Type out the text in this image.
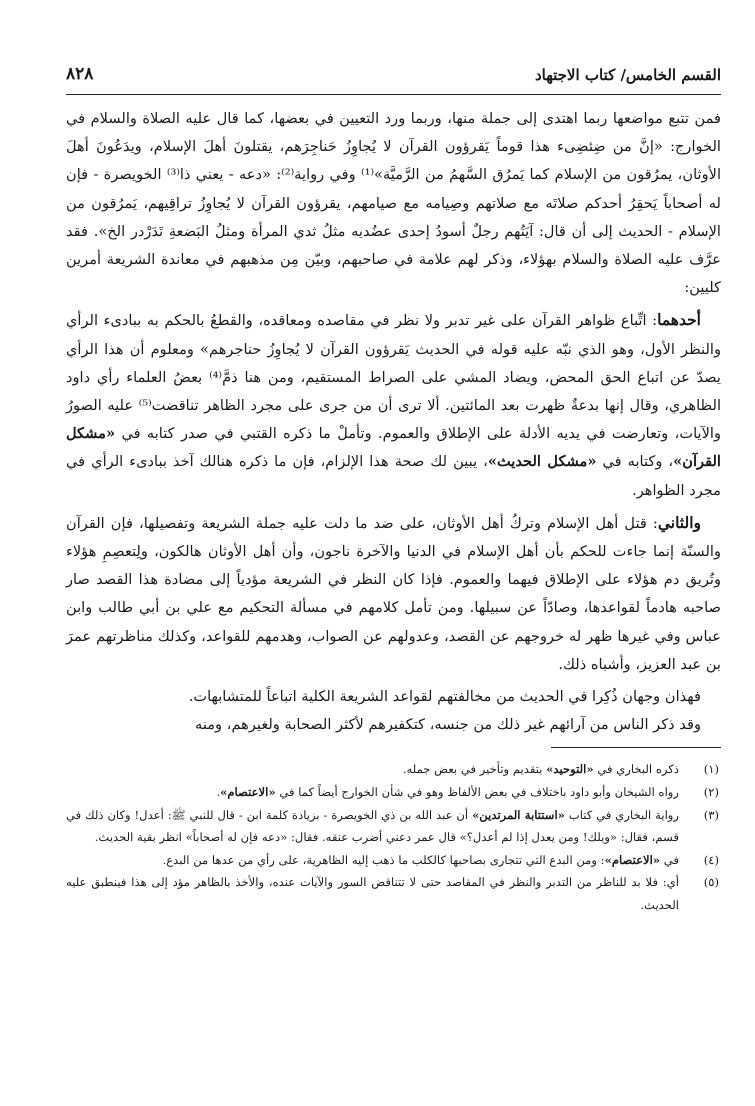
القسم الخامس/ كتاب الاجتهاد
٨٢٨

فمن تتبع مواضعها ربما اهتدى إلى جملة منها، وربما ورد التعيين في بعضها، كما قال عليه الصلاة والسلام في الخوارج: «إنَّ من ضِئضِىء هذا قوماً يَقرؤون القرآن لا يُجاوِزُ حَناجِرَهم، يقتلونَ أهلَ الإسلام، ويدَعُونَ أهلَ الأوثان، يمرُقون من الإسلام كما يَمرُق السَّهمُ من الرَّميَّة»⁽¹⁾ وفي رواية⁽²⁾: «دعه - يعني ذا⁽³⁾ الخويصرة - فإن له أصحاباً يَحقِرُ أحدكم صلاتَه مع صلاتهم وصِيامه مع صيامهم، يقرؤون القرآن لا يُجاوِزُ تراقِيهم، يَمرُقون من الإسلام - الحديث إلى أن قال: آيَتُهم رجلٌ أسودُ إحدى عضُديه مثلُ ثدي المرأة ومثلُ البَضعةِ تَدَرْدر الخ». فقد عرَّف عليه الصلاة والسلام بهؤلاء، وذكر لهم علامة في صاحبهم، وبيّن مِن مذهبهم في معاندة الشريعة أمرين كليين:

أحدهما: اتِّباع ظواهر القرآن على غير تدبر ولا نظر في مقاصده ومعاقده، والقطعُ بالحكم به ببادىء الرأي والنظر الأول، وهو الذي نبّه عليه قوله في الحديث يَقرؤون القرآن لا يُجاوِزُ حناجرهم» ومعلوم أن هذا الرأي يصدّ عن اتباع الحق المحض، ويضاد المشي على الصراط المستقيم، ومن هنا ذمَّ⁽⁴⁾ بعضُ العلماء رأي داود الظاهري، وقال إنها بدعةٌ ظهرت بعد المائتين. ألا ترى أن من جرى على مجرد الظاهر تناقضت⁽⁵⁾ عليه الصورُ والآيات، وتعارضت في يديه الأدلة على الإطلاق والعموم. وتأملْ ما ذكره القتبي في صدر كتابه في «مشكل القرآن»، وكتابه في «مشكل الحديث»، يبين لك صحة هذا الإلزام، فإن ما ذكره هنالك آخذ ببادىء الرأي في مجرد الظواهر.

والثاني: قتل أهل الإسلام وتركُ أهل الأوثان، على ضد ما دلت عليه جملة الشريعة وتفصيلها، فإن القرآن والسنّة إنما جاءت للحكم بأن أهل الإسلام في الدنيا والآخرة ناجون، وأن أهل الأوثان هالكون، ولِتعصِمِ هؤلاء وتُريق دم هؤلاء على الإطلاق فيهما والعموم. فإذا كان النظر في الشريعة مؤدياً إلى مضادة هذا القصد صار صاحبه هادماً لقواعدها، وصادّاً عن سبيلها. ومن تأمل كلامهم في مسألة التحكيم مع علي بن أبي طالب وابن عباس وفي غيرها ظهر له خروجهم عن القصد، وعدولهم عن الصواب، وهدمهم للقواعد، وكذلك مناظرتهم عمرَ بن عبد العزيز، وأشباه ذلك.

فهذان وجهان ذُكِرا في الحديث من مخالفتهم لقواعد الشريعة الكلية اتباعاً للمتشابهات.

وقد ذكر الناس من آرائهم غير ذلك من جنسه، كتكفيرهم لأكثر الصحابة ولغيرهم، ومنه

(١)
ذكره البخاري في «التوحيد» بتقديم وتأخير في بعض جمله.
(٢)
رواه الشيخان وأبو داود باختلاف في بعض الألفاظ وهو في شأن الخوارج أيضاً كما في «الاعتصام».
(٣)
رواية البخاري في كتاب «استتابة المرتدين» أن عبد الله بن ذي الخويصرة - بزيادة كلمة ابن - قال للنبي ﷺ: أعدل! وكان ذلك في قسم، فقال: «ويلك! ومن يعدل إذا لم أعدل؟» قال عمر دعني أضرب عنقه. فقال: «دعه فإن له أصحاباً» انظر بقية الحديث.
(٤)
في «الاعتصام»: ومن البدع التي تتجارى بصاحبها كالكلب ما ذهب إليه الظاهرية، على رأي من عدها من البدع.
(٥)
أي: فلا بد للناظر من التدبر والنظر في المقاصد حتى لا تتناقض السور والآيات عنده، والأخذ بالظاهر مؤد إلى هذا فينطبق عليه الحديث.
